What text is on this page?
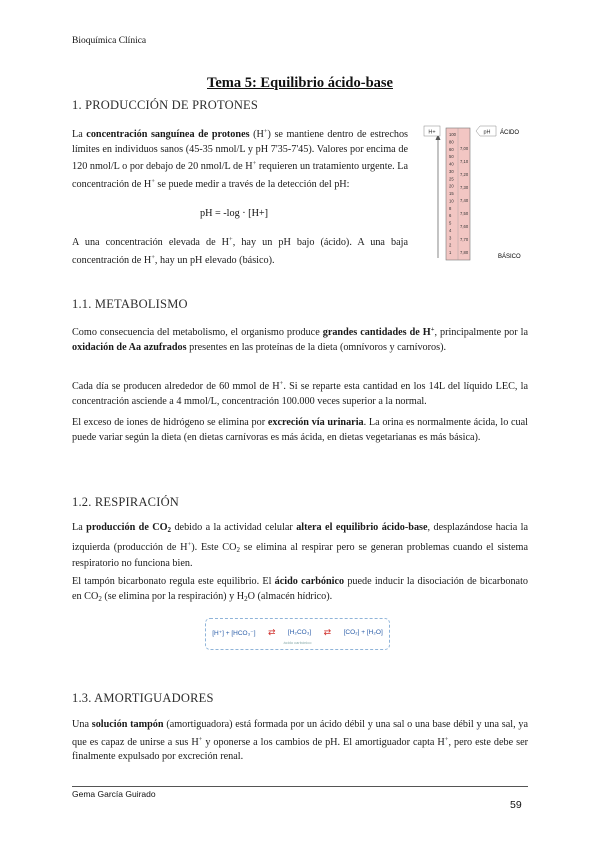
Bioquímica Clínica
Tema 5: Equilibrio ácido-base
1. PRODUCCIÓN DE PROTONES

La concentración sanguínea de protones (H+) se mantiene dentro de estrechos límites en individuos sanos (45-35 nmol/L y pH 7'35-7'45). Valores por encima de 120 nmol/L o por debajo de 20 nmol/L de H+ requieren un tratamiento urgente. La concentración de H+ se puede medir a través de la detección del pH:

pH = -log · [H+]

A una concentración elevada de H+, hay un pH bajo (ácido). A una baja concentración de H+, hay un pH elevado (básico).

H+	pH ÁCIDO
BÁSICO
100
80
60
50
40
30
25
20
15
10
8
6
5
4
3
2
1
7,00
7,10
7,20
7,30
7,40
7,50
7,60
7,70
7,80
1.1. METABOLISMO

Como consecuencia del metabolismo, el organismo produce grandes cantidades de H+, principalmente por la oxidación de Aa azufrados presentes en las proteínas de la dieta (omnívoros y carnívoros).

Cada día se producen alrededor de 60 mmol de H+. Si se reparte esta cantidad en los 14L del líquido LEC, la concentración asciende a 4 mmol/L, concentración 100.000 veces superior a la normal.

El exceso de iones de hidrógeno se elimina por excreción vía urinaria. La orina es normalmente ácida, lo cual puede variar según la dieta (en dietas carnívoras es más ácida, en dietas vegetarianas es más básica).

1.2. RESPIRACIÓN

La producción de $CO_2$ debido a la actividad celular altera el equilibrio ácido-base, desplazándose hacia la izquierda (producción de H+). Este $CO_2$ se elimina al respirar pero se generan problemas cuando el sistema respiratorio no funciona bien.

El tampón bicarbonato regula este equilibrio. El ácido carbónico puede inducir la disociación de bicarbonato en $CO_2$ (se elimina por la respiración) y $H_2O$ (almacén hídrico).

[H⁺] + [HCO₃⁻] ⇄ [H₂CO₃] ⇄ [CO₂] + [H₂O]
ácido carbónico
1.3. AMORTIGUADORES

Una solución tampón (amortiguadora) está formada por un ácido débil y una sal o una base débil y una sal, ya que es capaz de unirse a sus H+ y oponerse a los cambios de pH. El amortiguador capta H+, pero este debe ser finalmente expulsado por excreción renal.

Gema García Guirado
59
